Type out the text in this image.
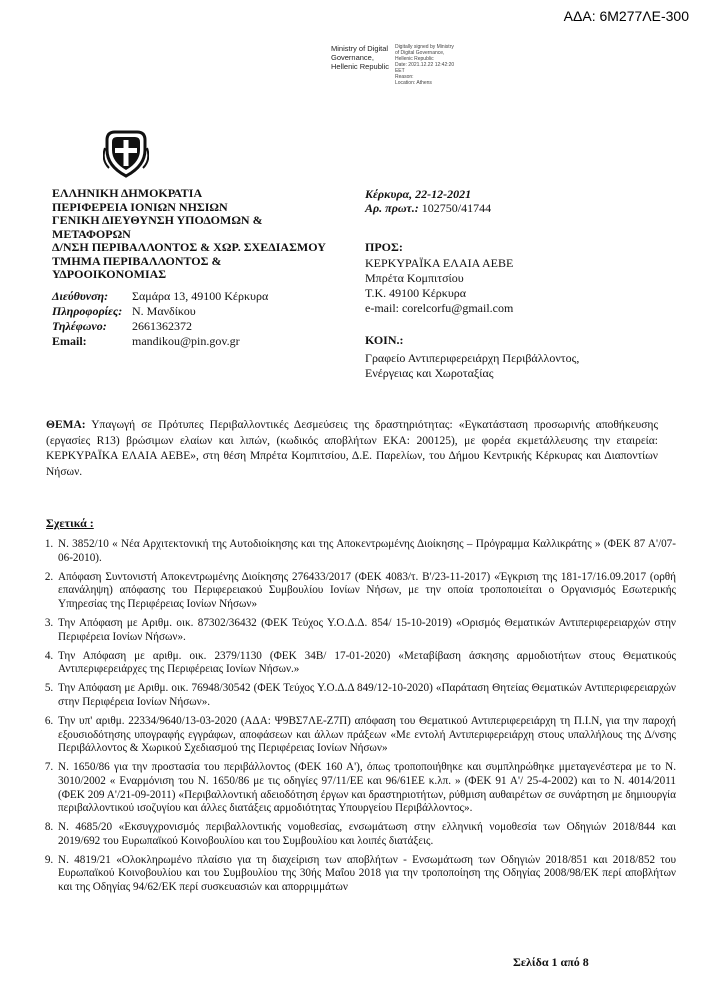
ΑΔΑ: 6Μ277ΛΕ-300
Ministry of Digital
Governance,
Hellenic Republic
Digitally signed by Ministry
of Digital Governance,
Hellenic Republic
Date: 2021.12.22 12:42:20
EET
Reason:
Location: Athens
ΕΛΛΗΝΙΚΗ ΔΗΜΟΚΡΑΤΙΑ
ΠΕΡΙΦΕΡΕΙΑ ΙΟΝΙΩΝ ΝΗΣΙΩΝ
ΓΕΝΙΚΗ ΔΙΕΥΘΥΝΣΗ ΥΠΟΔΟΜΩΝ &
ΜΕΤΑΦΟΡΩΝ
Δ/ΝΣΗ ΠΕΡΙΒΑΛΛΟΝΤΟΣ & ΧΩΡ. ΣΧΕΔΙΑΣΜΟΥ
ΤΜΗΜΑ ΠΕΡΙΒΑΛΛΟΝΤΟΣ &
ΥΔΡΟΟΙΚΟΝΟΜΙΑΣ
Διεύθυνση:	Σαμάρα 13, 49100 Κέρκυρα
Πληροφορίες: Ν. Μανδίκου
Τηλέφωνο:	2661362372
Email:	mandikou@pin.gov.gr
Κέρκυρα, 22-12-2021
Αρ. πρωτ.: 102750/41744
ΠΡΟΣ:
ΚΕΡΚΥΡΑΪΚΑ ΕΛΑΙΑ ΑΕΒΕ
Μπρέτα Κομπιτσίου
Τ.Κ. 49100 Κέρκυρα
e-mail: corelcorfu@gmail.com
ΚΟΙΝ.:
Γραφείο Αντιπεριφερειάρχη Περιβάλλοντος,
Ενέργειας και Χωροταξίας
ΘΕΜΑ: Υπαγωγή σε Πρότυπες Περιβαλλοντικές Δεσμεύσεις της δραστηριότητας: «Εγκατάσταση προσωρινής αποθήκευσης (εργασίες R13) βρώσιμων ελαίων και λιπών, (κωδικός αποβλήτων ΕΚΑ: 200125), με φορέα εκμετάλλευσης την εταιρεία: ΚΕΡΚΥΡΑΪΚΑ ΕΛΑΙΑ ΑΕΒΕ», στη θέση Μπρέτα Κομπιτσίου, Δ.Ε. Παρελίων, του Δήμου Κεντρικής Κέρκυρας και Διαποντίων Νήσων.
Σχετικά :
1. Ν. 3852/10 « Νέα Αρχιτεκτονική της Αυτοδιοίκησης και της Αποκεντρωμένης Διοίκησης – Πρόγραμμα Καλλικράτης » (ΦΕΚ 87 Α'/07-06-2010).
2. Απόφαση Συντονιστή Αποκεντρωμένης Διοίκησης 276433/2017 (ΦΕΚ 4083/τ. Β'/23-11-2017) «Έγκριση της 181-17/16.09.2017 (ορθή επανάληψη) απόφασης του Περιφερειακού Συμβουλίου Ιονίων Νήσων, με την οποία τροποποιείται ο Οργανισμός Εσωτερικής Υπηρεσίας της Περιφέρειας Ιονίων Νήσων»
3. Την Απόφαση με Αριθμ. οικ. 87302/36432 (ΦΕΚ Τεύχος Υ.Ο.Δ.Δ. 854/ 15-10-2019) «Ορισμός Θεματικών Αντιπεριφερειαρχών στην Περιφέρεια Ιονίων Νήσων».
4. Την Απόφαση με αριθμ. οικ. 2379/1130 (ΦΕΚ 34Β/ 17-01-2020) «Μεταβίβαση άσκησης αρμοδιοτήτων στους Θεματικούς Αντιπεριφερειάρχες της Περιφέρειας Ιονίων Νήσων.»
5. Την Απόφαση με Αριθμ. οικ. 76948/30542 (ΦΕΚ Τεύχος Υ.Ο.Δ.Δ 849/12-10-2020) «Παράταση Θητείας Θεματικών Αντιπεριφερειαρχών στην Περιφέρεια Ιονίων Νήσων».
6. Την υπ' αριθμ. 22334/9640/13-03-2020 (ΑΔΑ: Ψ9ΒΣ7ΛΕ-Ζ7Π) απόφαση του Θεματικού Αντιπεριφερειάρχη τη Π.Ι.Ν, για την παροχή εξουσιοδότησης υπογραφής εγγράφων, αποφάσεων και άλλων πράξεων «Με εντολή Αντιπεριφερειάρχη στους υπαλλήλους της Δ/νσης Περιβάλλοντος & Χωρικού Σχεδιασμού της Περιφέρειας Ιονίων Νήσων»
7. Ν. 1650/86 για την προστασία του περιβάλλοντος (ΦΕΚ 160 Α'), όπως τροποποιήθηκε και συμπληρώθηκε μμεταγενέστερα με το Ν. 3010/2002 « Εναρμόνιση του Ν. 1650/86 με τις οδηγίες 97/11/ΕΕ και 96/61ΕΕ κ.λπ. » (ΦΕΚ 91 Α'/ 25-4-2002) και το Ν. 4014/2011 (ΦΕΚ 209 Α'/21-09-2011) «Περιβαλλοντική αδειοδότηση έργων και δραστηριοτήτων, ρύθμιση αυθαιρέτων σε συνάρτηση με δημιουργία περιβαλλοντικού ισοζυγίου και άλλες διατάξεις αρμοδιότητας Υπουργείου Περιβάλλοντος».
8. Ν. 4685/20 «Εκσυγχρονισμός περιβαλλοντικής νομοθεσίας, ενσωμάτωση στην ελληνική νομοθεσία των Οδηγιών 2018/844 και 2019/692 του Ευρωπαϊκού Κοινοβουλίου και του Συμβουλίου και λοιπές διατάξεις.
9. Ν. 4819/21 «Ολοκληρωμένο πλαίσιο για τη διαχείριση των αποβλήτων - Ενσωμάτωση των Οδηγιών 2018/851 και 2018/852 του Ευρωπαϊκού Κοινοβουλίου και του Συμβουλίου της 30ής Μαΐου 2018 για την τροποποίηση της Οδηγίας 2008/98/ΕΚ περί αποβλήτων και της Οδηγίας 94/62/ΕΚ περί συσκευασιών και απορριμμάτων
Σελίδα 1 από 8
